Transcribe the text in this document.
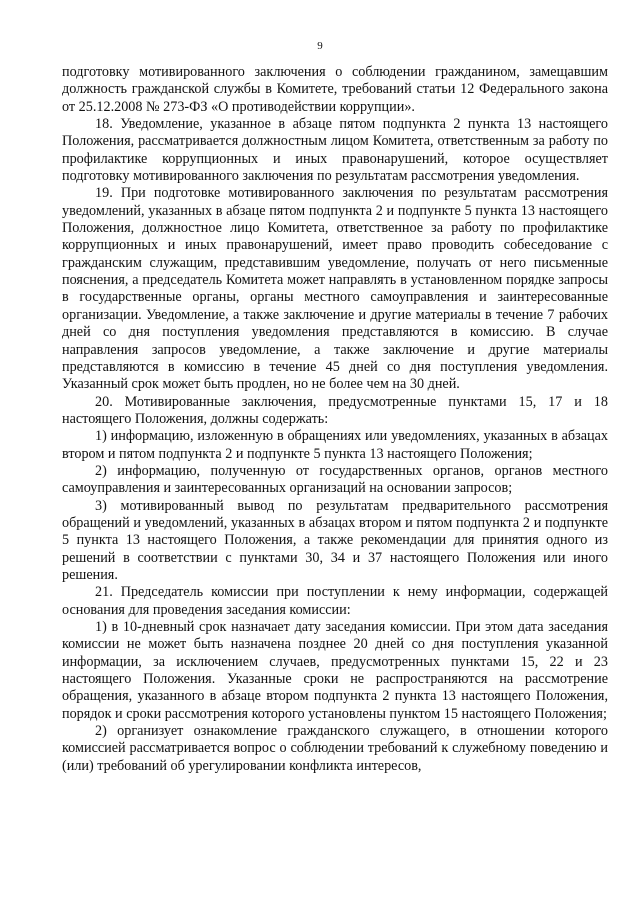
9

подготовку мотивированного заключения о соблюдении гражданином, замещавшим должность гражданской службы в Комитете, требований статьи 12 Федерального закона от 25.12.2008 № 273-ФЗ «О противодействии коррупции».

18. Уведомление, указанное в абзаце пятом подпункта 2 пункта 13 настоящего Положения, рассматривается должностным лицом Комитета, ответственным за работу по профилактике коррупционных и иных правонарушений, которое осуществляет подготовку мотивированного заключения по результатам рассмотрения уведомления.

19. При подготовке мотивированного заключения по результатам рассмотрения уведомлений, указанных в абзаце пятом подпункта 2 и подпункте 5 пункта 13 настоящего Положения, должностное лицо Комитета, ответственное за работу по профилактике коррупционных и иных правонарушений, имеет право проводить собеседование с гражданским служащим, представившим уведомление, получать от него письменные пояснения, а председатель Комитета может направлять в установленном порядке запросы в государственные органы, органы местного самоуправления и заинтересованные организации. Уведомление, а также заключение и другие материалы в течение 7 рабочих дней со дня поступления уведомления представляются в комиссию. В случае направления запросов уведомление, а также заключение и другие материалы представляются в комиссию в течение 45 дней со дня поступления уведомления. Указанный срок может быть продлен, но не более чем на 30 дней.

20. Мотивированные заключения, предусмотренные пунктами 15, 17 и 18 настоящего Положения, должны содержать:

1) информацию, изложенную в обращениях или уведомлениях, указанных в абзацах втором и пятом подпункта 2 и подпункте 5 пункта 13 настоящего Положения;

2) информацию, полученную от государственных органов, органов местного самоуправления и заинтересованных организаций на основании запросов;

3) мотивированный вывод по результатам предварительного рассмотрения обращений и уведомлений, указанных в абзацах втором и пятом подпункта 2 и подпункте 5 пункта 13 настоящего Положения, а также рекомендации для принятия одного из решений в соответствии с пунктами 30, 34 и 37 настоящего Положения или иного решения.

21. Председатель комиссии при поступлении к нему информации, содержащей основания для проведения заседания комиссии:

1) в 10-дневный срок назначает дату заседания комиссии. При этом дата заседания комиссии не может быть назначена позднее 20 дней со дня поступления указанной информации, за исключением случаев, предусмотренных пунктами 15, 22 и 23 настоящего Положения. Указанные сроки не распространяются на рассмотрение обращения, указанного в абзаце втором подпункта 2 пункта 13 настоящего Положения, порядок и сроки рассмотрения которого установлены пунктом 15 настоящего Положения;

2) организует ознакомление гражданского служащего, в отношении которого комиссией рассматривается вопрос о соблюдении требований к служебному поведению и (или) требований об урегулировании конфликта интересов,
